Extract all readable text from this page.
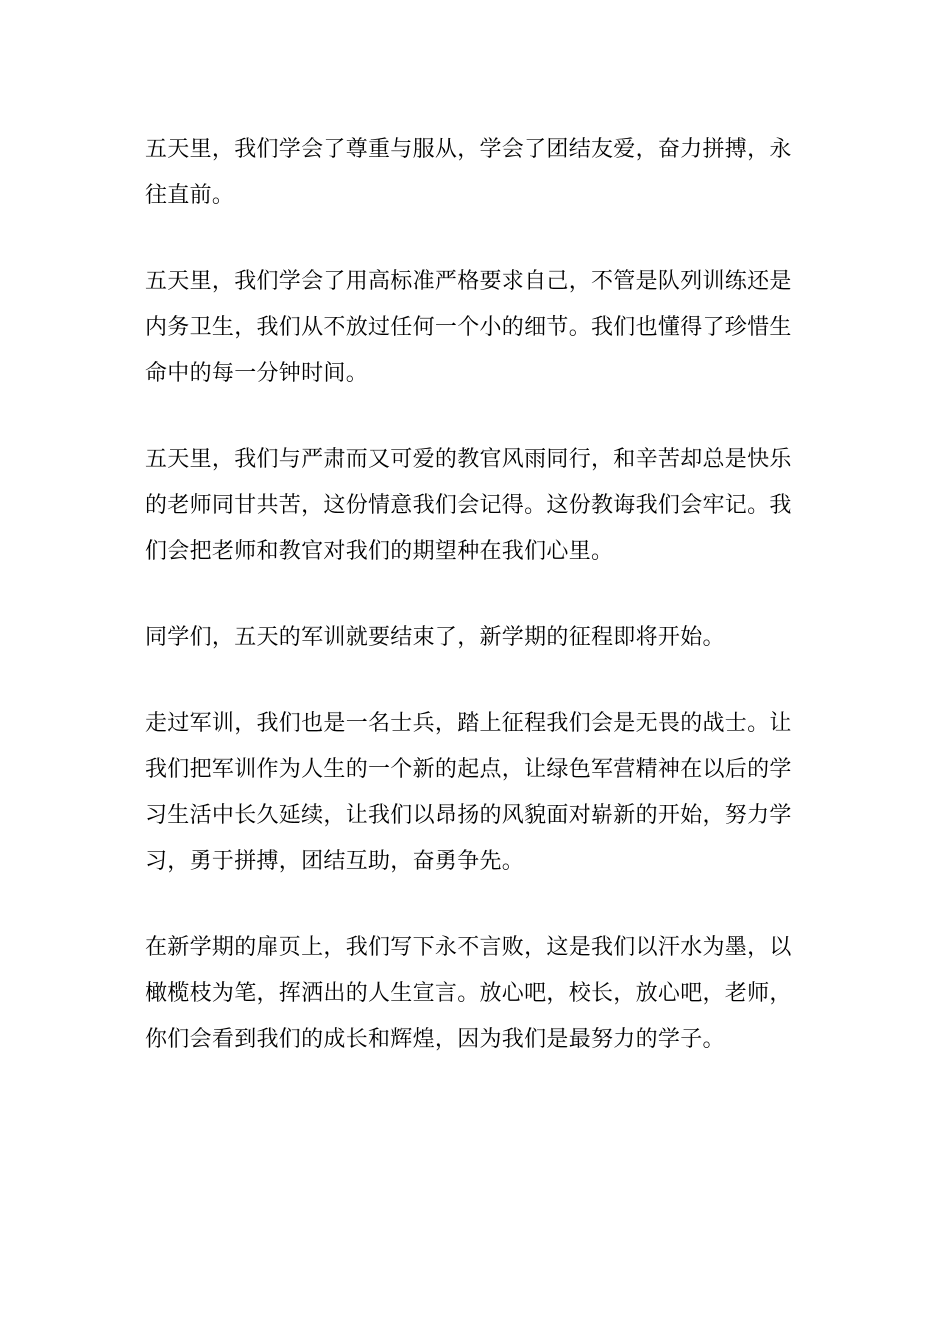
五天里，我们学会了尊重与服从，学会了团结友爱，奋力拼搏，永
往直前。

五天里，我们学会了用高标准严格要求自己，不管是队列训练还是
内务卫生，我们从不放过任何一个小的细节。我们也懂得了珍惜生
命中的每一分钟时间。

五天里，我们与严肃而又可爱的教官风雨同行，和辛苦却总是快乐
的老师同甘共苦，这份情意我们会记得。这份教诲我们会牢记。我
们会把老师和教官对我们的期望种在我们心里。

同学们，五天的军训就要结束了，新学期的征程即将开始。

走过军训，我们也是一名士兵，踏上征程我们会是无畏的战士。让
我们把军训作为人生的一个新的起点，让绿色军营精神在以后的学
习生活中长久延续，让我们以昂扬的风貌面对崭新的开始，努力学
习，勇于拼搏，团结互助，奋勇争先。

在新学期的扉页上，我们写下永不言败，这是我们以汗水为墨，以
橄榄枝为笔，挥洒出的人生宣言。放心吧，校长，放心吧，老师，
你们会看到我们的成长和辉煌，因为我们是最努力的学子。
